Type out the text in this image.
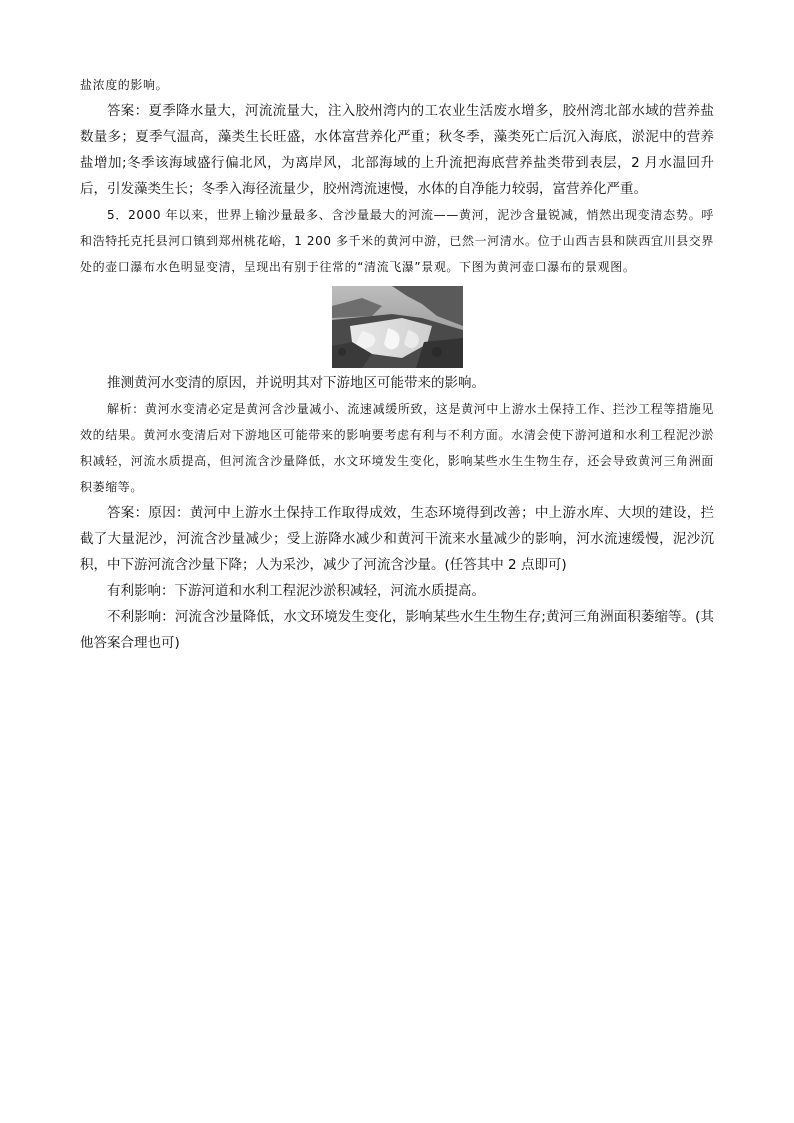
盐浓度的影响。

答案：夏季降水量大，河流流量大，注入胶州湾内的工农业生活废水增多，胶州湾北部水域的营养盐数量多；夏季气温高，藻类生长旺盛，水体富营养化严重；秋冬季，藻类死亡后沉入海底，淤泥中的营养盐增加;冬季该海域盛行偏北风，为离岸风，北部海域的上升流把海底营养盐类带到表层，2 月水温回升后，引发藻类生长；冬季入海径流量少，胶州湾流速慢，水体的自净能力较弱，富营养化严重。

5．2000 年以来，世界上输沙量最多、含沙量最大的河流——黄河，泥沙含量锐减，悄然出现变清态势。呼和浩特托克托县河口镇到郑州桃花峪，1 200 多千米的黄河中游，已然一河清水。位于山西吉县和陕西宜川县交界处的壶口瀑布水色明显变清，呈现出有别于往常的“清流飞瀑”景观。下图为黄河壶口瀑布的景观图。

推测黄河水变清的原因，并说明其对下游地区可能带来的影响。

解析：黄河水变清必定是黄河含沙量减小、流速减缓所致，这是黄河中上游水土保持工作、拦沙工程等措施见效的结果。黄河水变清后对下游地区可能带来的影响要考虑有利与不利方面。水清会使下游河道和水利工程泥沙淤积减轻，河流水质提高，但河流含沙量降低，水文环境发生变化，影响某些水生生物生存，还会导致黄河三角洲面积萎缩等。

答案：原因：黄河中上游水土保持工作取得成效，生态环境得到改善；中上游水库、大坝的建设，拦截了大量泥沙，河流含沙量减少；受上游降水减少和黄河干流来水量减少的影响，河水流速缓慢，泥沙沉积，中下游河流含沙量下降；人为采沙，减少了河流含沙量。(任答其中 2 点即可)

有利影响：下游河道和水利工程泥沙淤积减轻，河流水质提高。

不利影响：河流含沙量降低，水文环境发生变化，影响某些水生生物生存;黄河三角洲面积萎缩等。(其他答案合理也可)
